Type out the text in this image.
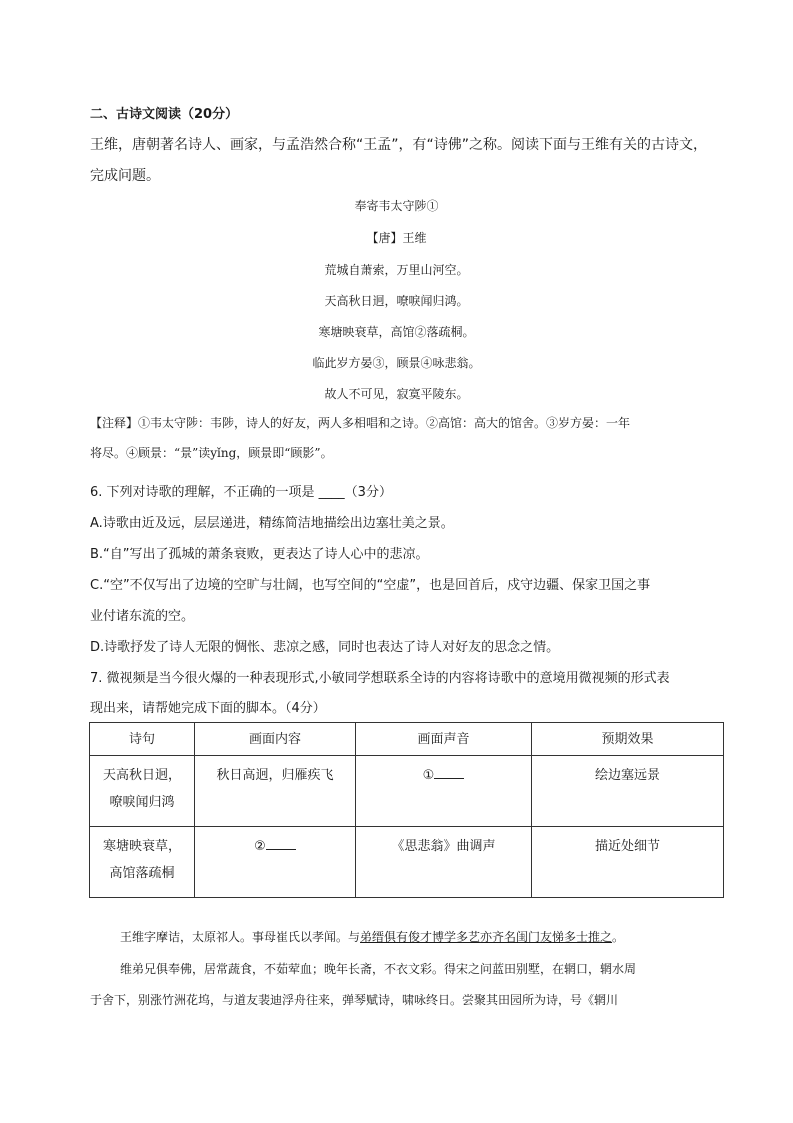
二、古诗文阅读（20分）
王维，唐朝著名诗人、画家，与孟浩然合称“王孟”，有“诗佛”之称。阅读下面与王维有关的古诗文，
完成问题。
奉寄韦太守陟①
【唐】王维
荒城自萧索，万里山河空。
天高秋日迥，嘹唳闻归鸿。
寒塘映衰草，高馆②落疏桐。
临此岁方晏③，顾景④咏悲翁。
故人不可见，寂寞平陵东。
【注释】①韦太守陟：韦陟，诗人的好友，两人多相唱和之诗。②高馆：高大的馆舍。③岁方晏：一年
将尽。④顾景：“景”读yǐng，顾景即“顾影”。
6. 下列对诗歌的理解，不正确的一项是 ____（3分）
A.诗歌由近及远，层层递进，精练简洁地描绘出边塞壮美之景。
B.“自”写出了孤城的萧条衰败，更表达了诗人心中的悲凉。
C.“空”不仅写出了边境的空旷与壮阔，也写空间的“空虚”，也是回首后，戍守边疆、保家卫国之事
业付诸东流的空。
D.诗歌抒发了诗人无限的惆怅、悲凉之感，同时也表达了诗人对好友的思念之情。
7. 微视频是当今很火爆的一种表现形式,小敏同学想联系全诗的内容将诗歌中的意境用微视频的形式表
现出来，请帮她完成下面的脚本。（4分）
诗句	画面内容	画面声音	预期效果

天高秋日迥，
嘹唳闻归鸿	秋日高迥，归雁疾飞	①	绘边塞远景

寒塘映衰草，
高馆落疏桐	②	《思悲翁》曲调声	描近处细节
王维字摩诘，太原祁人。事母崔氏以孝闻。与弟缙俱有俊才博学多艺亦齐名闺门友悌多士推之。
维弟兄俱奉佛，居常蔬食，不茹荤血；晚年长斋，不衣文彩。得宋之问蓝田别墅，在辋口，辋水周
于舍下，别涨竹洲花坞，与道友裴迪浮舟往来，弹琴赋诗，啸咏终日。尝聚其田园所为诗，号《辋川
